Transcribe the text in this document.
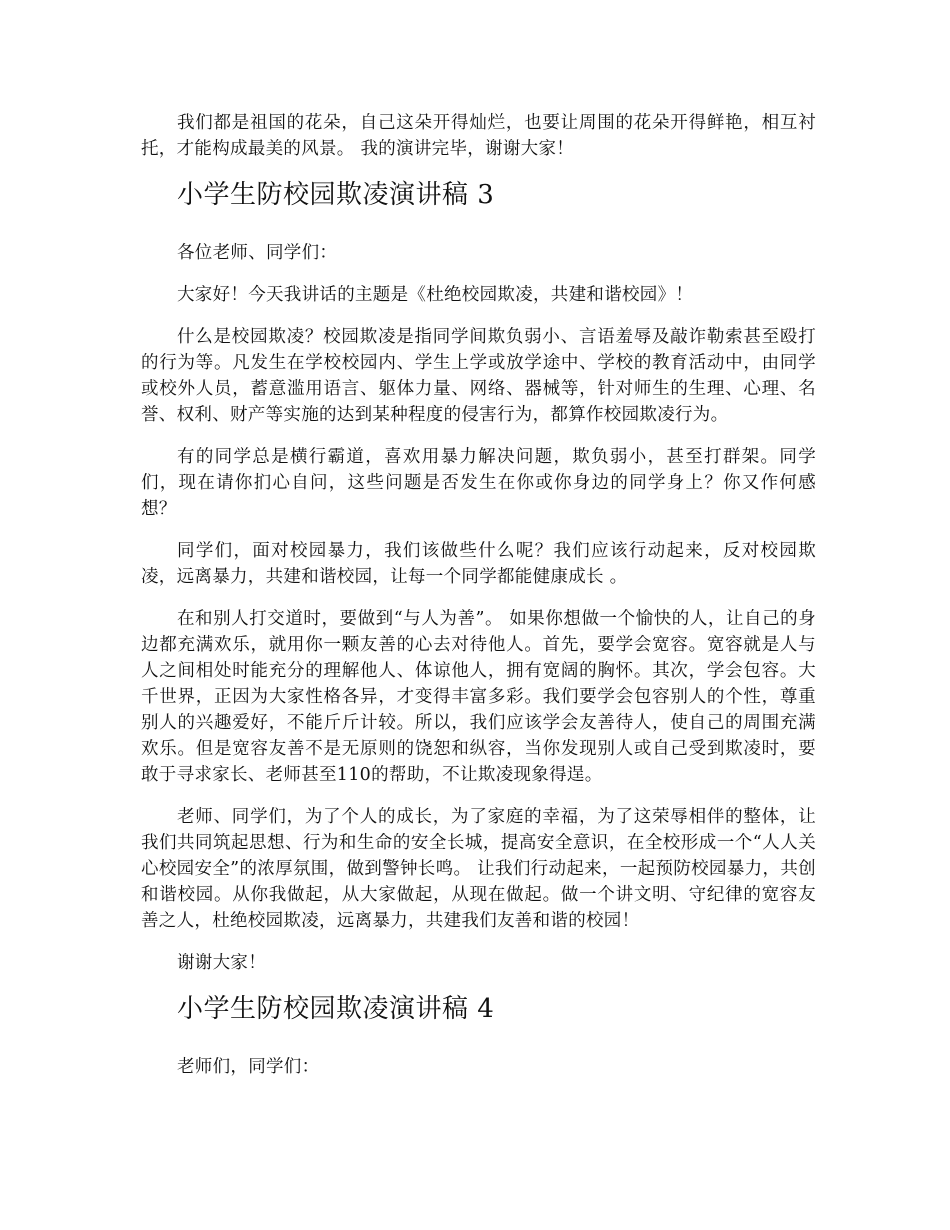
我们都是祖国的花朵，自己这朵开得灿烂，也要让周围的花朵开得鲜艳，相互衬托，才能构成最美的风景。 我的演讲完毕，谢谢大家！

小学生防校园欺凌演讲稿 3

各位老师、同学们：

大家好！今天我讲话的主题是《杜绝校园欺凌，共建和谐校园》！

什么是校园欺凌？校园欺凌是指同学间欺负弱小、言语羞辱及敲诈勒索甚至殴打的行为等。凡发生在学校校园内、学生上学或放学途中、学校的教育活动中，由同学或校外人员，蓄意滥用语言、躯体力量、网络、器械等，针对师生的生理、心理、名誉、权利、财产等实施的达到某种程度的侵害行为，都算作校园欺凌行为。

有的同学总是横行霸道，喜欢用暴力解决问题，欺负弱小，甚至打群架。同学们，现在请你扪心自问，这些问题是否发生在你或你身边的同学身上？你又作何感想？

同学们，面对校园暴力，我们该做些什么呢？我们应该行动起来，反对校园欺凌，远离暴力，共建和谐校园，让每一个同学都能健康成长 。

在和别人打交道时，要做到“与人为善”。 如果你想做一个愉快的人，让自己的身边都充满欢乐，就用你一颗友善的心去对待他人。首先，要学会宽容。宽容就是人与人之间相处时能充分的理解他人、体谅他人，拥有宽阔的胸怀。其次，学会包容。大千世界，正因为大家性格各异，才变得丰富多彩。我们要学会包容别人的个性，尊重别人的兴趣爱好，不能斤斤计较。所以，我们应该学会友善待人，使自己的周围充满欢乐。但是宽容友善不是无原则的饶恕和纵容，当你发现别人或自己受到欺凌时，要敢于寻求家长、老师甚至110的帮助，不让欺凌现象得逞。

老师、同学们，为了个人的成长，为了家庭的幸福，为了这荣辱相伴的整体，让我们共同筑起思想、行为和生命的安全长城，提高安全意识，在全校形成一个“人人关心校园安全”的浓厚氛围，做到警钟长鸣。 让我们行动起来，一起预防校园暴力，共创和谐校园。从你我做起，从大家做起，从现在做起。做一个讲文明、守纪律的宽容友善之人，杜绝校园欺凌，远离暴力，共建我们友善和谐的校园！

谢谢大家！

小学生防校园欺凌演讲稿 4

老师们，同学们：
